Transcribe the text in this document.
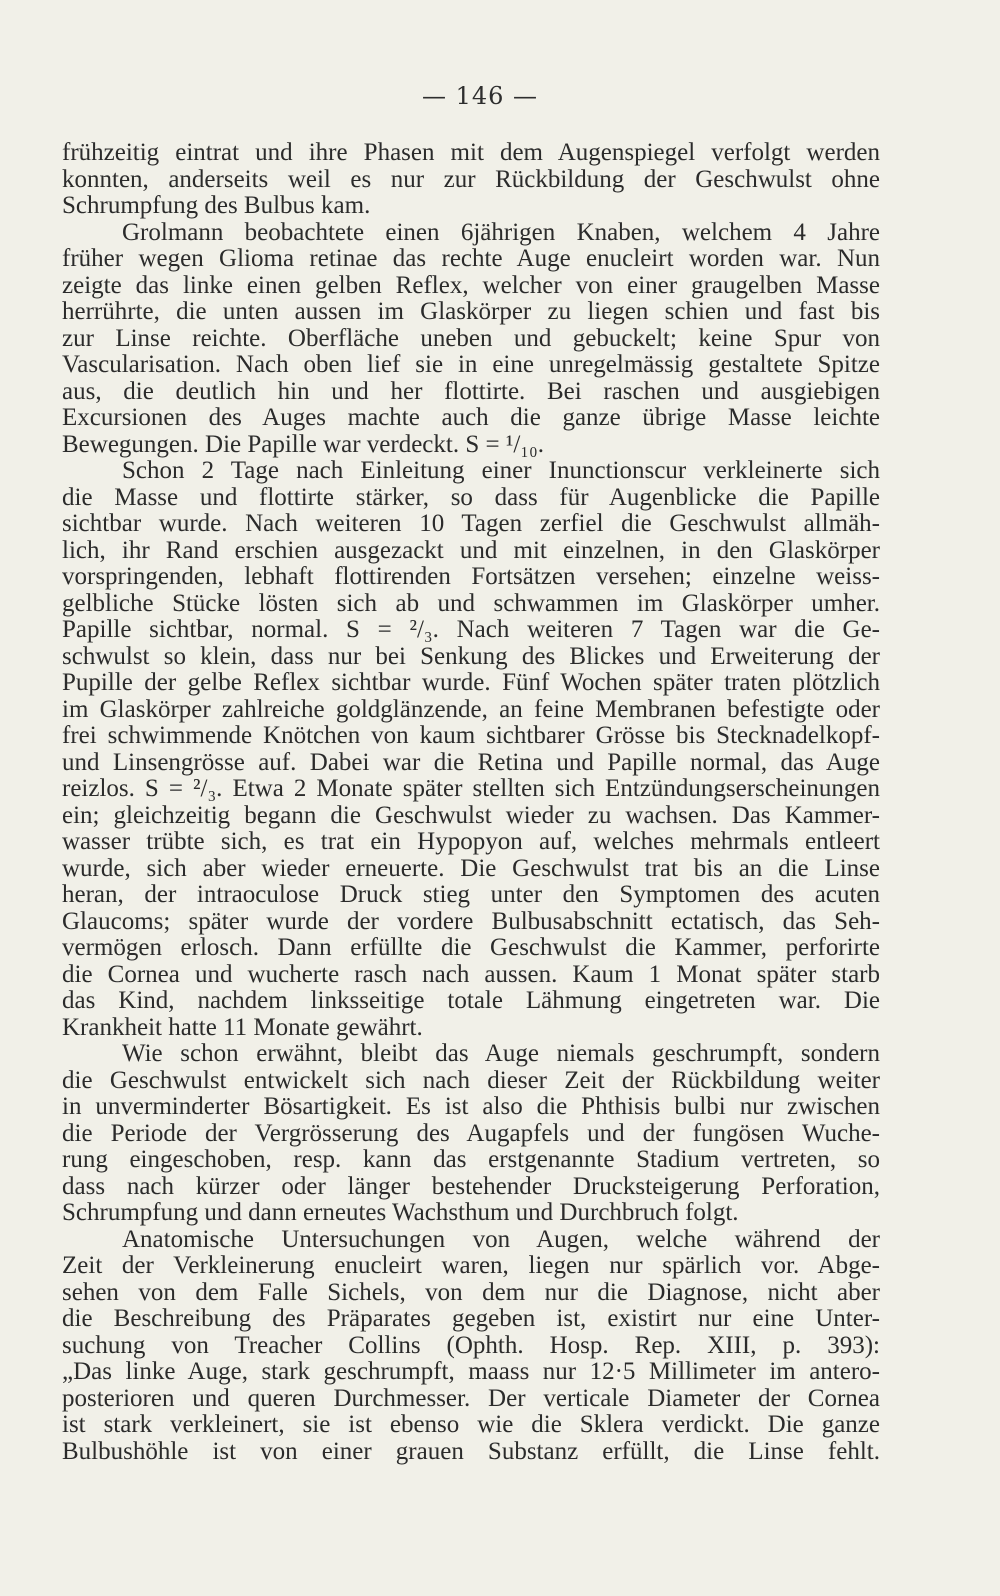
— 146 —
frühzeitig eintrat und ihre Phasen mit dem Augenspiegel verfolgt werden
konnten, anderseits weil es nur zur Rückbildung der Geschwulst ohne
Schrumpfung des Bulbus kam.
Grolmann beobachtete einen 6jährigen Knaben, welchem 4 Jahre
früher wegen Glioma retinae das rechte Auge enucleirt worden war. Nun
zeigte das linke einen gelben Reflex, welcher von einer graugelben Masse
herrührte, die unten aussen im Glaskörper zu liegen schien und fast bis
zur Linse reichte. Oberfläche uneben und gebuckelt; keine Spur von
Vascularisation. Nach oben lief sie in eine unregelmässig gestaltete Spitze
aus, die deutlich hin und her flottirte. Bei raschen und ausgiebigen
Excursionen des Auges machte auch die ganze übrige Masse leichte
Bewegungen. Die Papille war verdeckt. S = ¹/₁₀.
Schon 2 Tage nach Einleitung einer Inunctionscur verkleinerte sich
die Masse und flottirte stärker, so dass für Augenblicke die Papille
sichtbar wurde. Nach weiteren 10 Tagen zerfiel die Geschwulst allmäh-
lich, ihr Rand erschien ausgezackt und mit einzelnen, in den Glaskörper
vorspringenden, lebhaft flottirenden Fortsätzen versehen; einzelne weiss-
gelbliche Stücke lösten sich ab und schwammen im Glaskörper umher.
Papille sichtbar, normal. S = ²/₃. Nach weiteren 7 Tagen war die Ge-
schwulst so klein, dass nur bei Senkung des Blickes und Erweiterung der
Pupille der gelbe Reflex sichtbar wurde. Fünf Wochen später traten plötzlich
im Glaskörper zahlreiche goldglänzende, an feine Membranen befestigte oder
frei schwimmende Knötchen von kaum sichtbarer Grösse bis Stecknadelkopf-
und Linsengrösse auf. Dabei war die Retina und Papille normal, das Auge
reizlos. S = ²/₃. Etwa 2 Monate später stellten sich Entzündungserscheinungen
ein; gleichzeitig begann die Geschwulst wieder zu wachsen. Das Kammer-
wasser trübte sich, es trat ein Hypopyon auf, welches mehrmals entleert
wurde, sich aber wieder erneuerte. Die Geschwulst trat bis an die Linse
heran, der intraoculose Druck stieg unter den Symptomen des acuten
Glaucoms; später wurde der vordere Bulbusabschnitt ectatisch, das Seh-
vermögen erlosch. Dann erfüllte die Geschwulst die Kammer, perforirte
die Cornea und wucherte rasch nach aussen. Kaum 1 Monat später starb
das Kind, nachdem linksseitige totale Lähmung eingetreten war. Die
Krankheit hatte 11 Monate gewährt.
Wie schon erwähnt, bleibt das Auge niemals geschrumpft, sondern
die Geschwulst entwickelt sich nach dieser Zeit der Rückbildung weiter
in unverminderter Bösartigkeit. Es ist also die Phthisis bulbi nur zwischen
die Periode der Vergrösserung des Augapfels und der fungösen Wuche-
rung eingeschoben, resp. kann das erstgenannte Stadium vertreten, so
dass nach kürzer oder länger bestehender Drucksteigerung Perforation,
Schrumpfung und dann erneutes Wachsthum und Durchbruch folgt.
Anatomische Untersuchungen von Augen, welche während der
Zeit der Verkleinerung enucleirt waren, liegen nur spärlich vor. Abge-
sehen von dem Falle Sichels, von dem nur die Diagnose, nicht aber
die Beschreibung des Präparates gegeben ist, existirt nur eine Unter-
suchung von Treacher Collins (Ophth. Hosp. Rep. XIII, p. 393):
„Das linke Auge, stark geschrumpft, maass nur 12·5 Millimeter im antero-
posterioren und queren Durchmesser. Der verticale Diameter der Cornea
ist stark verkleinert, sie ist ebenso wie die Sklera verdickt. Die ganze
Bulbushöhle ist von einer grauen Substanz erfüllt, die Linse fehlt.
